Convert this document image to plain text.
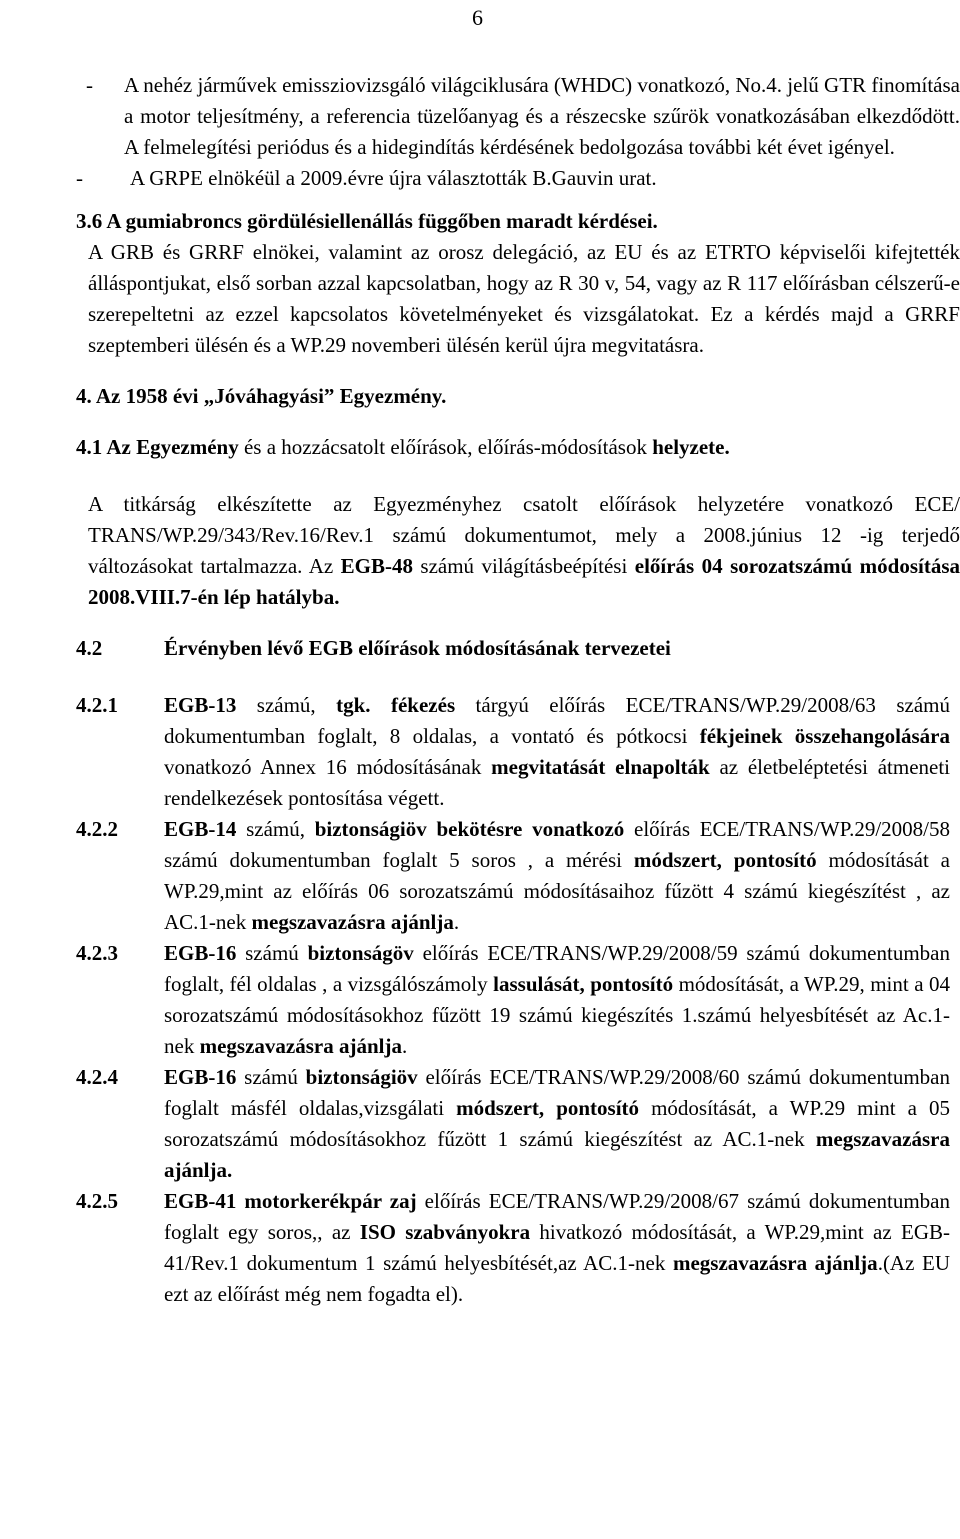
6
-	A nehéz járművek emissziovizsgáló világciklusára (WHDC) vonatkozó, No.4. jelű GTR finomítása a motor teljesítmény, a referencia tüzelőanyag és a részecske szűrök vonatkozásában elkezdődött. A felmelegítési periódus és a hidegindítás kérdésének bedolgozása további két évet igényel.
-	A GRPE elnökéül a 2009.évre újra választották B.Gauvin urat.

3.6 A gumiabroncs gördülésiellenállás függőben maradt kérdései.

A GRB és GRRF elnökei, valamint az orosz delegáció, az EU és az ETRTO képviselői kifejtették álláspontjukat, első sorban azzal kapcsolatban, hogy az R 30 v, 54, vagy az R 117 előírásban célszerű-e szerepeltetni az ezzel kapcsolatos követelményeket és vizsgálatokat. Ez a kérdés majd a GRRF szeptemberi ülésén és a WP.29 novemberi ülésén kerül újra megvitatásra.

4. Az 1958 évi „Jóváhagyási” Egyezmény.

4.1 Az Egyezmény és a hozzácsatolt előírások, előírás-módosítások helyzete.

A titkárság elkészítette az Egyezményhez csatolt előírások helyzetére vonatkozó ECE/ TRANS/WP.29/343/Rev.16/Rev.1 számú dokumentumot, mely a 2008.június 12 -ig terjedő változásokat tartalmazza. Az EGB-48 számú világításbeépítési előírás 04 sorozatszámú módosítása 2008.VIII.7-én lép hatályba.

4.2	Érvényben lévő EGB előírások módosításának tervezetei
4.2.1	EGB-13 számú, tgk. fékezés tárgyú előírás ECE/TRANS/WP.29/2008/63 számú dokumentumban foglalt, 8 oldalas, a vontató és pótkocsi fékjeinek összehangolására vonatkozó Annex 16 módosításának megvitatását elnapolták az életbeléptetési átmeneti rendelkezések pontosítása végett.
4.2.2	EGB-14 számú, biztonságiöv bekötésre vonatkozó előírás ECE/TRANS/WP.29/2008/58 számú dokumentumban foglalt 5 soros , a mérési módszert, pontosító módosítását a WP.29,mint az előírás 06 sorozatszámú módosításaihoz fűzött 4 számú kiegészítést , az AC.1-nek megszavazásra ajánlja.
4.2.3	EGB-16 számú biztonságöv előírás ECE/TRANS/WP.29/2008/59 számú dokumentumban foglalt, fél oldalas , a vizsgálószámoly lassulását, pontosító módosítását, a WP.29, mint a 04 sorozatszámú módosításokhoz fűzött 19 számú kiegészítés 1.számú helyesbítését az Ac.1-nek megszavazásra ajánlja.
4.2.4	EGB-16 számú biztonságiöv előírás ECE/TRANS/WP.29/2008/60 számú dokumentumban foglalt másfél oldalas,vizsgálati módszert, pontosító módosítását, a WP.29 mint a 05 sorozatszámú módosításokhoz fűzött 1 számú kiegészítést az AC.1-nek megszavazásra ajánlja.
4.2.5	EGB-41 motorkerékpár zaj előírás ECE/TRANS/WP.29/2008/67 számú dokumentumban foglalt egy soros,, az ISO szabványokra hivatkozó módosítását, a WP.29,mint az EGB-41/Rev.1 dokumentum 1 számú helyesbítését,az AC.1-nek megszavazásra ajánlja.(Az EU ezt az előírást még nem fogadta el).
